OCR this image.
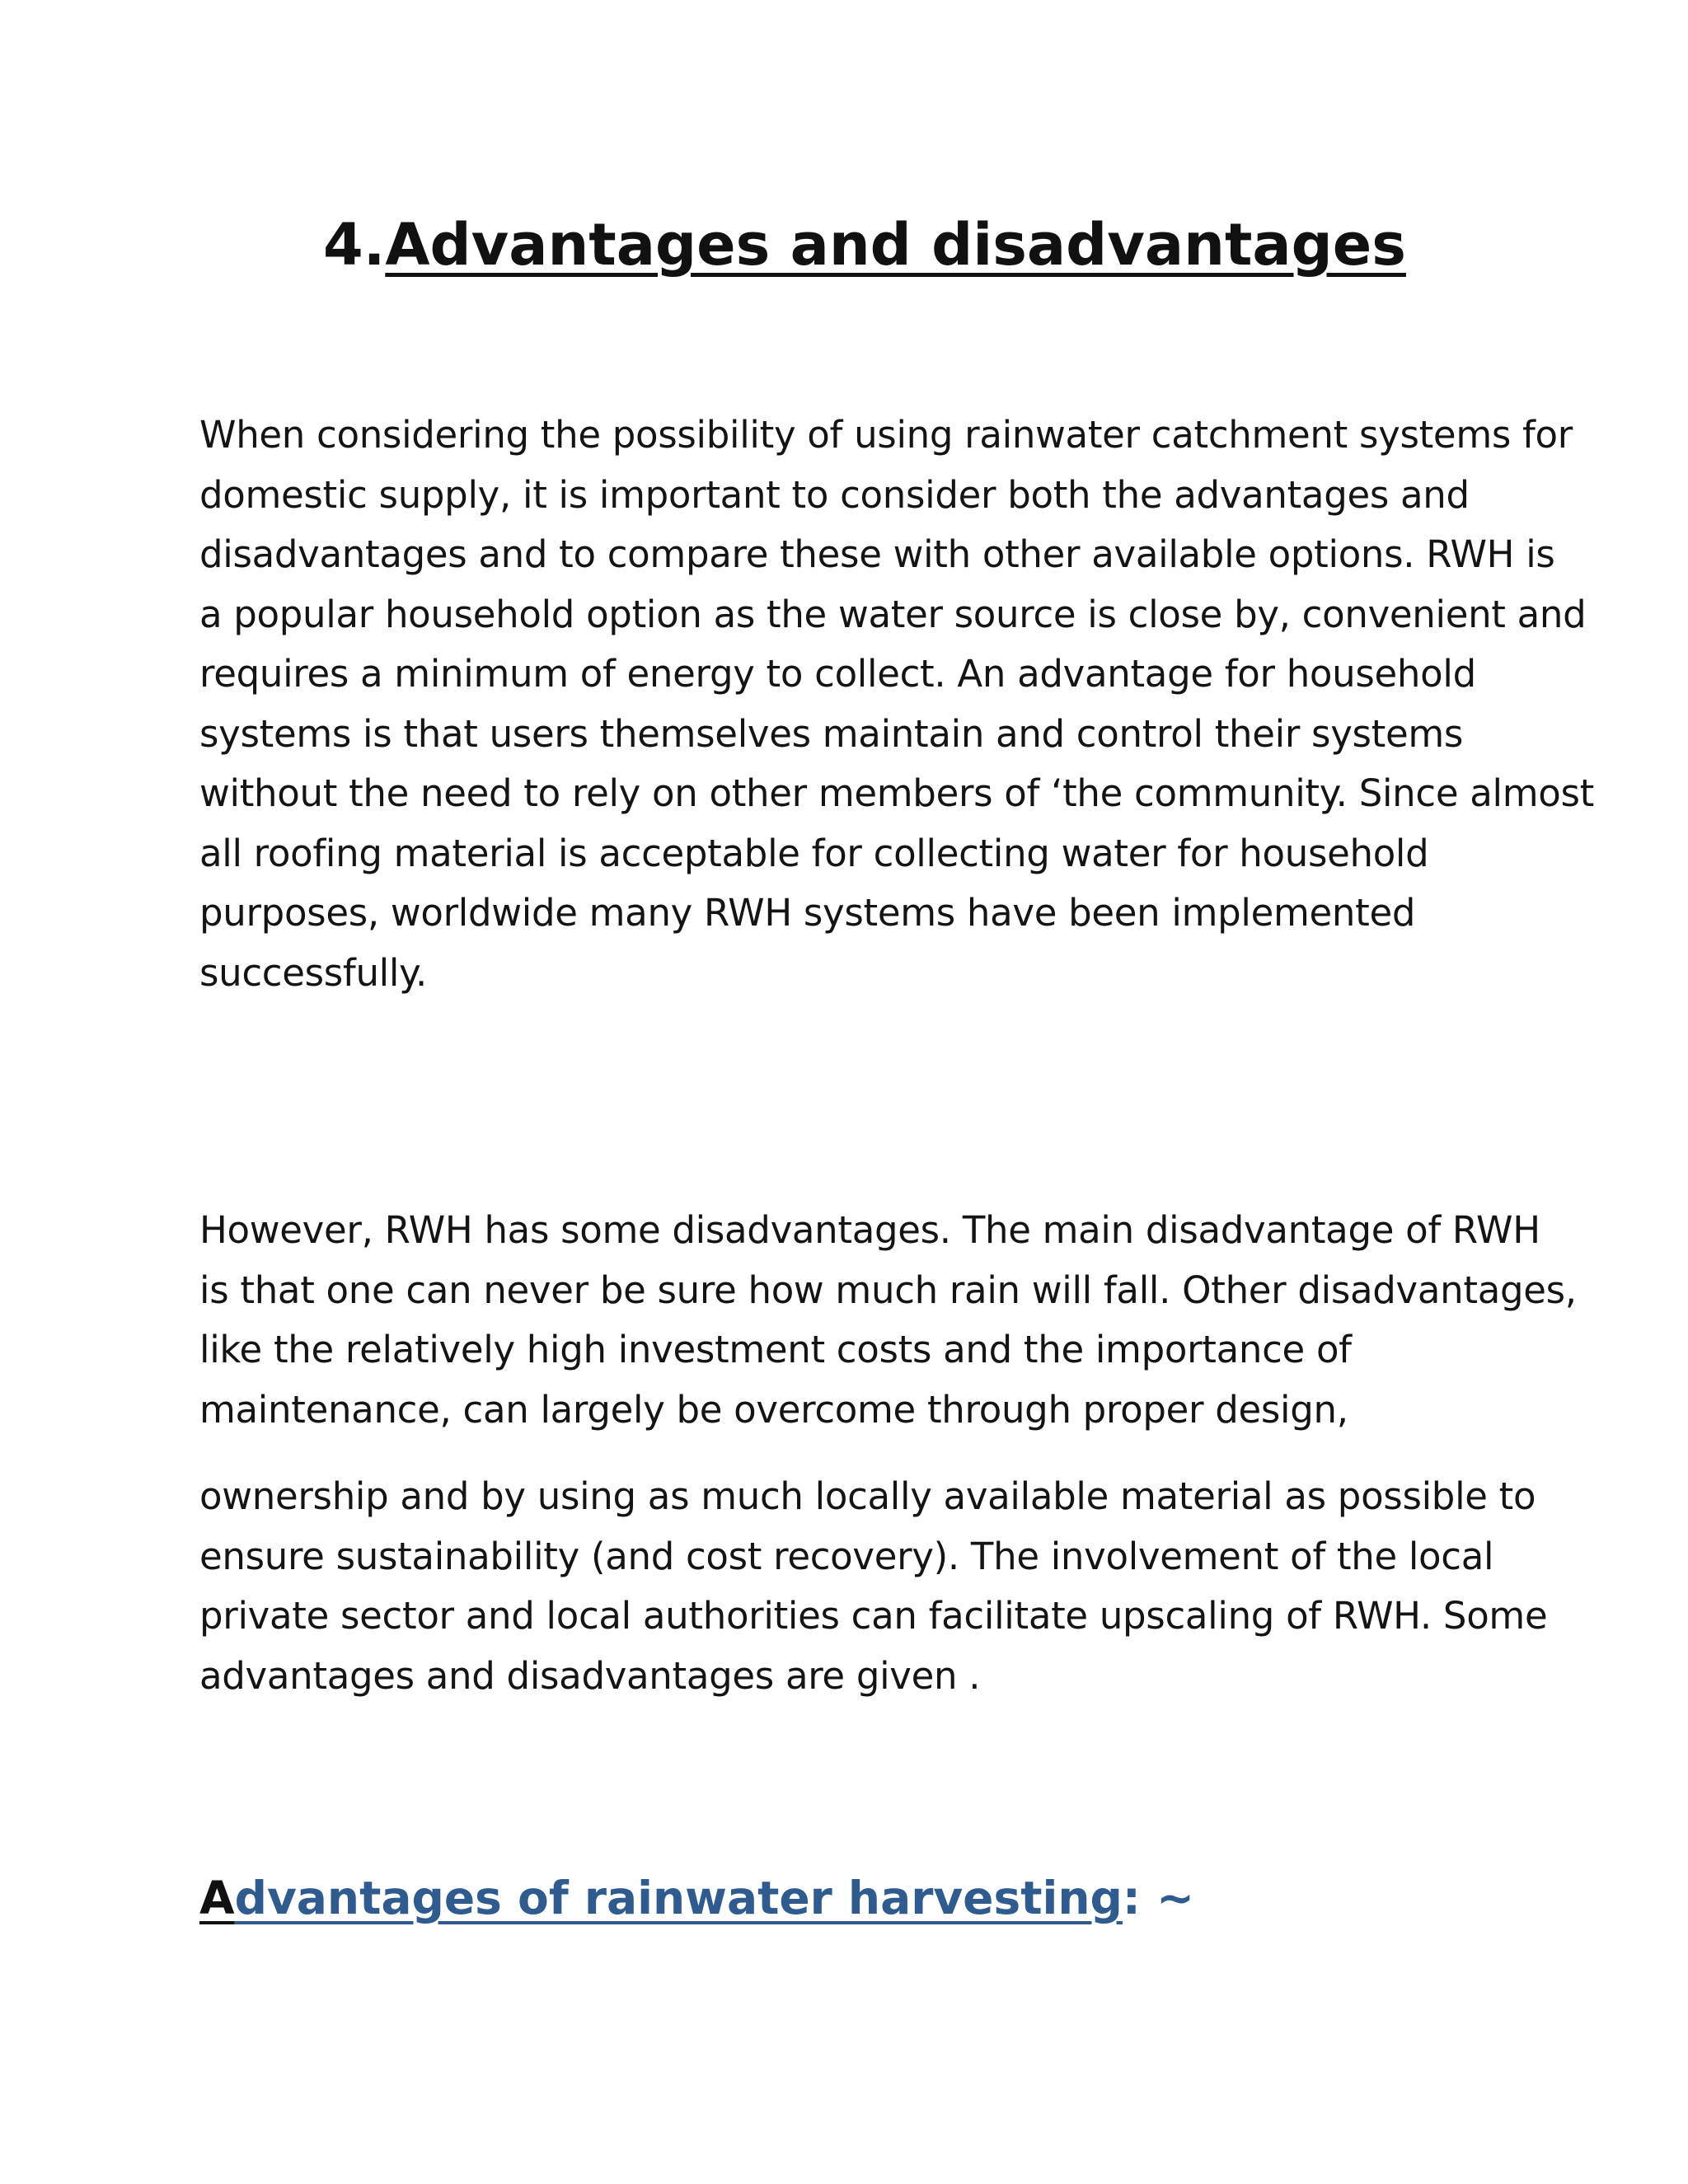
4.Advantages and disadvantages

When considering the possibility of using rainwater catchment systems for
domestic supply, it is important to consider both the advantages and
disadvantages and to compare these with other available options. RWH is
a popular household option as the water source is close by, convenient and
requires a minimum of energy to collect. An advantage for household
systems is that users themselves maintain and control their systems
without the need to rely on other members of ‘the community. Since almost
all roofing material is acceptable for collecting water for household
purposes, worldwide many RWH systems have been implemented
successfully.

However, RWH has some disadvantages. The main disadvantage of RWH
is that one can never be sure how much rain will fall. Other disadvantages,
like the relatively high investment costs and the importance of
maintenance, can largely be overcome through proper design,

ownership and by using as much locally available material as possible to
ensure sustainability (and cost recovery). The involvement of the local
private sector and local authorities can facilitate upscaling of RWH. Some
advantages and disadvantages are given .

Advantages of rainwater harvesting: ~
